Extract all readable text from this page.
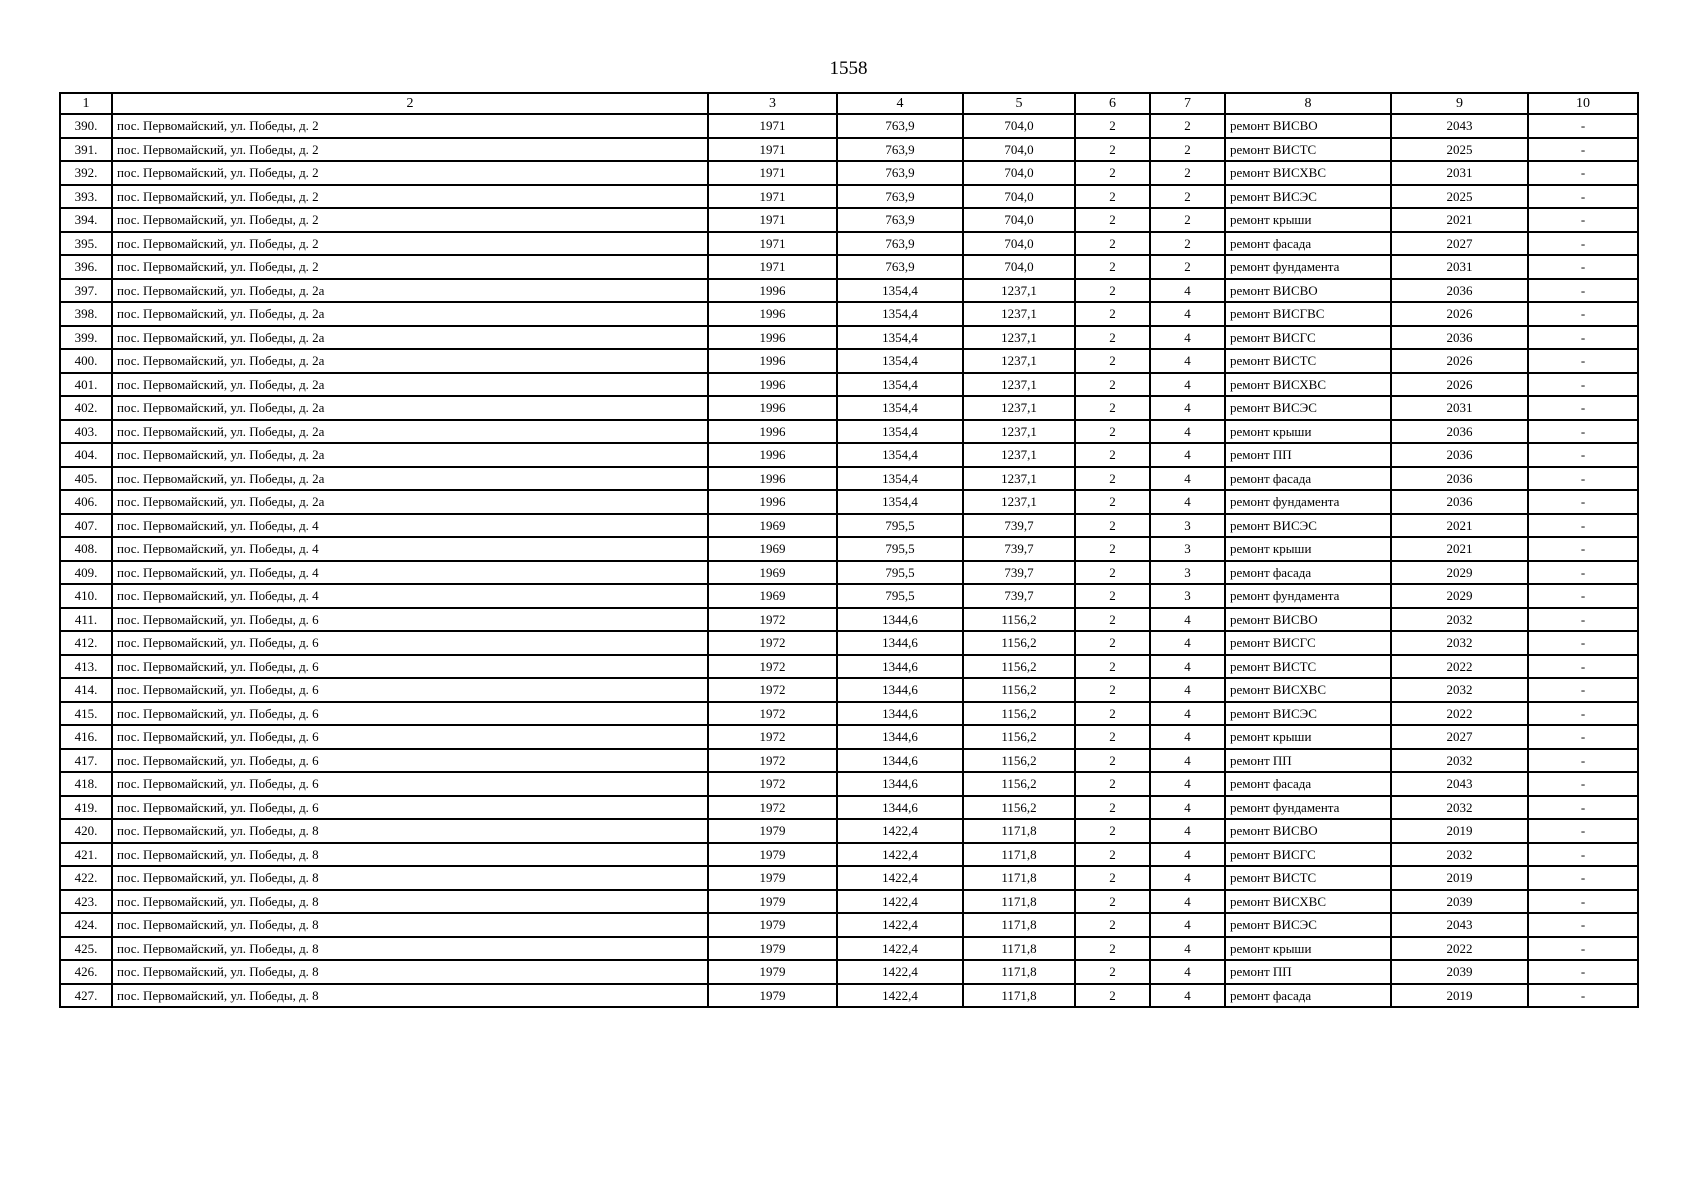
1558
1	2	3	4	5	6	7	8	9	10
390.	пос. Первомайский, ул. Победы, д. 2	1971	763,9	704,0	2	2	ремонт ВИСВО	2043	-
391.	пос. Первомайский, ул. Победы, д. 2	1971	763,9	704,0	2	2	ремонт ВИСТС	2025	-
392.	пос. Первомайский, ул. Победы, д. 2	1971	763,9	704,0	2	2	ремонт ВИСХВС	2031	-
393.	пос. Первомайский, ул. Победы, д. 2	1971	763,9	704,0	2	2	ремонт ВИСЭС	2025	-
394.	пос. Первомайский, ул. Победы, д. 2	1971	763,9	704,0	2	2	ремонт крыши	2021	-
395.	пос. Первомайский, ул. Победы, д. 2	1971	763,9	704,0	2	2	ремонт фасада	2027	-
396.	пос. Первомайский, ул. Победы, д. 2	1971	763,9	704,0	2	2	ремонт фундамента	2031	-
397.	пос. Первомайский, ул. Победы, д. 2а	1996	1354,4	1237,1	2	4	ремонт ВИСВО	2036	-
398.	пос. Первомайский, ул. Победы, д. 2а	1996	1354,4	1237,1	2	4	ремонт ВИСГВС	2026	-
399.	пос. Первомайский, ул. Победы, д. 2а	1996	1354,4	1237,1	2	4	ремонт ВИСГС	2036	-
400.	пос. Первомайский, ул. Победы, д. 2а	1996	1354,4	1237,1	2	4	ремонт ВИСТС	2026	-
401.	пос. Первомайский, ул. Победы, д. 2а	1996	1354,4	1237,1	2	4	ремонт ВИСХВС	2026	-
402.	пос. Первомайский, ул. Победы, д. 2а	1996	1354,4	1237,1	2	4	ремонт ВИСЭС	2031	-
403.	пос. Первомайский, ул. Победы, д. 2а	1996	1354,4	1237,1	2	4	ремонт крыши	2036	-
404.	пос. Первомайский, ул. Победы, д. 2а	1996	1354,4	1237,1	2	4	ремонт ПП	2036	-
405.	пос. Первомайский, ул. Победы, д. 2а	1996	1354,4	1237,1	2	4	ремонт фасада	2036	-
406.	пос. Первомайский, ул. Победы, д. 2а	1996	1354,4	1237,1	2	4	ремонт фундамента	2036	-
407.	пос. Первомайский, ул. Победы, д. 4	1969	795,5	739,7	2	3	ремонт ВИСЭС	2021	-
408.	пос. Первомайский, ул. Победы, д. 4	1969	795,5	739,7	2	3	ремонт крыши	2021	-
409.	пос. Первомайский, ул. Победы, д. 4	1969	795,5	739,7	2	3	ремонт фасада	2029	-
410.	пос. Первомайский, ул. Победы, д. 4	1969	795,5	739,7	2	3	ремонт фундамента	2029	-
411.	пос. Первомайский, ул. Победы, д. 6	1972	1344,6	1156,2	2	4	ремонт ВИСВО	2032	-
412.	пос. Первомайский, ул. Победы, д. 6	1972	1344,6	1156,2	2	4	ремонт ВИСГС	2032	-
413.	пос. Первомайский, ул. Победы, д. 6	1972	1344,6	1156,2	2	4	ремонт ВИСТС	2022	-
414.	пос. Первомайский, ул. Победы, д. 6	1972	1344,6	1156,2	2	4	ремонт ВИСХВС	2032	-
415.	пос. Первомайский, ул. Победы, д. 6	1972	1344,6	1156,2	2	4	ремонт ВИСЭС	2022	-
416.	пос. Первомайский, ул. Победы, д. 6	1972	1344,6	1156,2	2	4	ремонт крыши	2027	-
417.	пос. Первомайский, ул. Победы, д. 6	1972	1344,6	1156,2	2	4	ремонт ПП	2032	-
418.	пос. Первомайский, ул. Победы, д. 6	1972	1344,6	1156,2	2	4	ремонт фасада	2043	-
419.	пос. Первомайский, ул. Победы, д. 6	1972	1344,6	1156,2	2	4	ремонт фундамента	2032	-
420.	пос. Первомайский, ул. Победы, д. 8	1979	1422,4	1171,8	2	4	ремонт ВИСВО	2019	-
421.	пос. Первомайский, ул. Победы, д. 8	1979	1422,4	1171,8	2	4	ремонт ВИСГС	2032	-
422.	пос. Первомайский, ул. Победы, д. 8	1979	1422,4	1171,8	2	4	ремонт ВИСТС	2019	-
423.	пос. Первомайский, ул. Победы, д. 8	1979	1422,4	1171,8	2	4	ремонт ВИСХВС	2039	-
424.	пос. Первомайский, ул. Победы, д. 8	1979	1422,4	1171,8	2	4	ремонт ВИСЭС	2043	-
425.	пос. Первомайский, ул. Победы, д. 8	1979	1422,4	1171,8	2	4	ремонт крыши	2022	-
426.	пос. Первомайский, ул. Победы, д. 8	1979	1422,4	1171,8	2	4	ремонт ПП	2039	-
427.	пос. Первомайский, ул. Победы, д. 8	1979	1422,4	1171,8	2	4	ремонт фасада	2019	-
